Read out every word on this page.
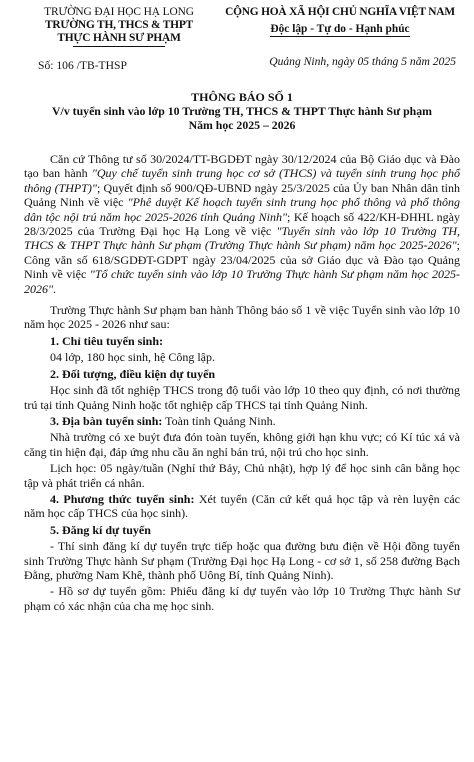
TRƯỜNG ĐẠI HỌC HẠ LONG
TRƯỜNG TH, THCS & THPT
THỰC HÀNH SƯ PHẠM
CỘNG HOÀ XÃ HỘI CHỦ NGHĨA VIỆT NAM
Độc lập - Tự do - Hạnh phúc
Số: 106 /TB-THSP	Quảng Ninh, ngày 05 tháng 5 năm 2025
THÔNG BÁO SỐ 1
V/v tuyển sinh vào lớp 10 Trường TH, THCS & THPT Thực hành Sư phạm
Năm học 2025 – 2026

Căn cứ Thông tư số 30/2024/TT-BGDĐT ngày 30/12/2024 của Bộ Giáo dục và Đào tạo ban hành "Quy chế tuyển sinh trung học cơ sở (THCS) và tuyển sinh trung học phổ thông (THPT)"; Quyết định số 900/QĐ-UBND ngày 25/3/2025 của Ủy ban Nhân dân tỉnh Quảng Ninh về việc "Phê duyệt Kế hoạch tuyển sinh trung học phổ thông và phổ thông dân tộc nội trú năm học 2025-2026 tỉnh Quảng Ninh"; Kế hoạch số 422/KH-ĐHHL ngày 28/3/2025 của Trường Đại học Hạ Long về việc "Tuyển sinh vào lớp 10 Trường TH, THCS & THPT Thực hành Sư phạm (Trường Thực hành Sư phạm) năm học 2025-2026"; Công văn số 618/SGDĐT-GDPT ngày 23/04/2025 của sở Giáo dục và Đào tạo Quảng Ninh về việc "Tổ chức tuyển sinh vào lớp 10 Trường Thực hành Sư phạm năm học 2025-2026".

Trường Thực hành Sư phạm ban hành Thông báo số 1 về việc Tuyển sinh vào lớp 10 năm học 2025 - 2026 như sau:

1. Chỉ tiêu tuyển sinh:

04 lớp, 180 học sinh, hệ Công lập.

2. Đối tượng, điều kiện dự tuyển

Học sinh đã tốt nghiệp THCS trong độ tuổi vào lớp 10 theo quy định, có nơi thường trú tại tỉnh Quảng Ninh hoặc tốt nghiệp cấp THCS tại tỉnh Quảng Ninh.

3. Địa bàn tuyển sinh: Toàn tỉnh Quảng Ninh.

Nhà trường có xe buýt đưa đón toàn tuyến, không giới hạn khu vực; có Kí túc xá và căng tin hiện đại, đáp ứng nhu cầu ăn nghỉ bán trú, nội trú cho học sinh.

Lịch học: 05 ngày/tuần (Nghỉ thứ Bảy, Chủ nhật), hợp lý để học sinh cân bằng học tập và phát triển cá nhân.

4. Phương thức tuyển sinh: Xét tuyển (Căn cứ kết quả học tập và rèn luyện các năm học cấp THCS của học sinh).

5. Đăng kí dự tuyển

- Thí sinh đăng kí dự tuyển trực tiếp hoặc qua đường bưu điện về Hội đồng tuyển sinh Trường Thực hành Sư phạm (Trường Đại học Hạ Long - cơ sở 1, số 258 đường Bạch Đằng, phường Nam Khê, thành phố Uông Bí, tỉnh Quảng Ninh).

- Hồ sơ dự tuyển gồm: Phiếu đăng kí dự tuyển vào lớp 10 Trường Thực hành Sư phạm có xác nhận của cha mẹ học sinh.
